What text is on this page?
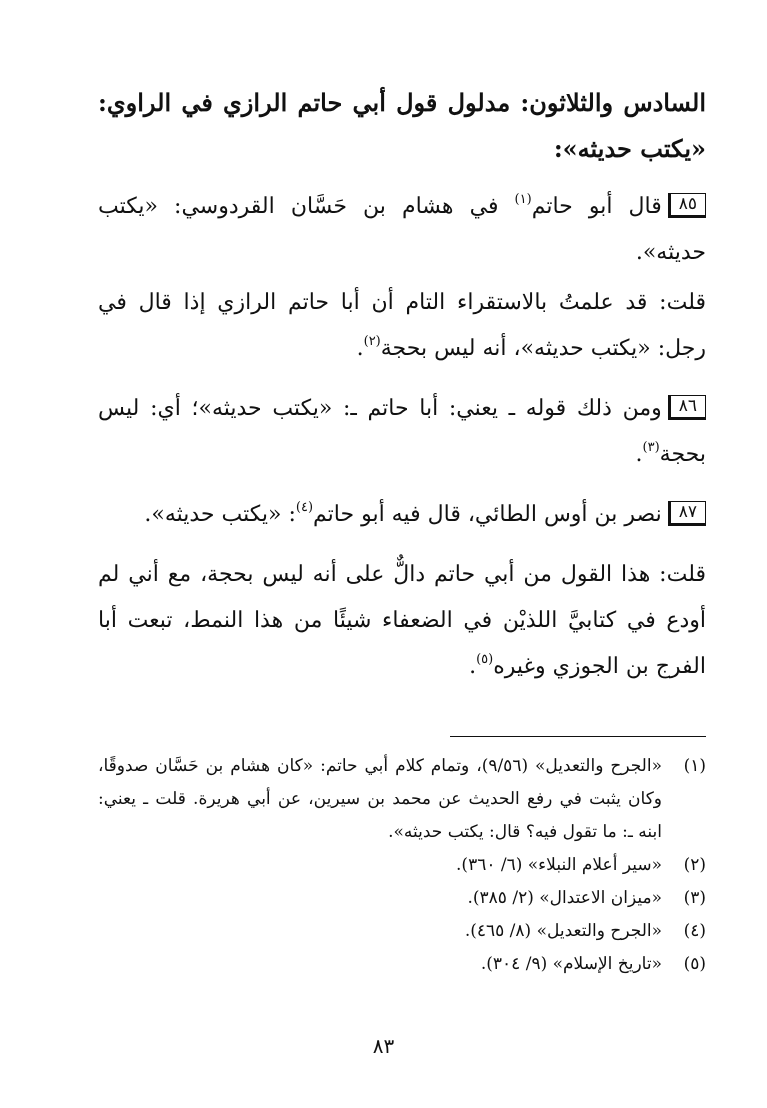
السادس والثلاثون: مدلول قول أبي حاتم الرازي في الراوي: «يكتب حديثه»:
٨٥قال أبو حاتم$^{(١)}$ في هشام بن حَسَّان القردوسي: «يكتب حديثه».
قلت: قد علمتُ بالاستقراء التام أن أبا حاتم الرازي إذا قال في رجل: «يكتب حديثه»، أنه ليس بحجة$^{(٢)}$.
٨٦ومن ذلك قوله ـ يعني: أبا حاتم ـ: «يكتب حديثه»؛ أي: ليس بحجة$^{(٣)}$.
٨٧نصر بن أوس الطائي، قال فيه أبو حاتم$^{(٤)}$: «يكتب حديثه».
قلت: هذا القول من أبي حاتم دالٌّ على أنه ليس بحجة، مع أني لم أودع في كتابيَّ اللذيْن في الضعفاء شيئًا من هذا النمط، تبعت أبا الفرج بن الجوزي وغيره$^{(٥)}$.
(١)
«الجرح والتعديل» (٩/٥٦)، وتمام كلام أبي حاتم: «كان هشام بن حَسَّان صدوقًا، وكان يثبت في رفع الحديث عن محمد بن سيرين، عن أبي هريرة. قلت ـ يعني: ابنه ـ: ما تقول فيه؟ قال: يكتب حديثه».
(٢)
«سير أعلام النبلاء» (٦/ ٣٦٠).
(٣)
«ميزان الاعتدال» (٢/ ٣٨٥).
(٤)
«الجرح والتعديل» (٨/ ٤٦٥).
(٥)
«تاريخ الإسلام» (٩/ ٣٠٤).
٨٣
